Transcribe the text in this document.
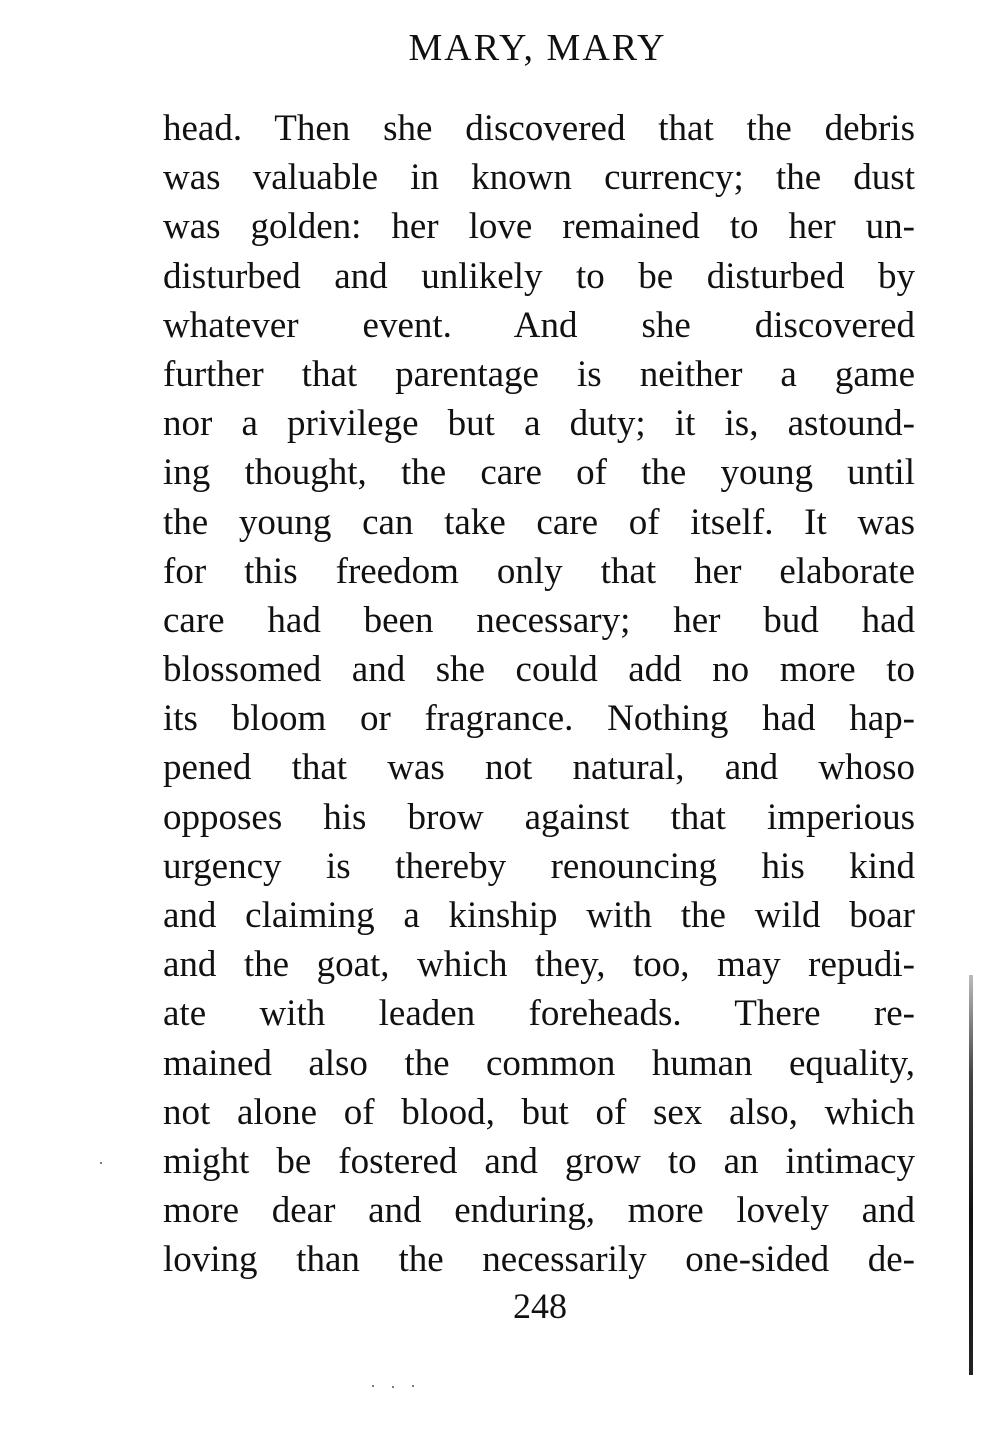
MARY, MARY
head. Then she discovered that the debris
was valuable in known currency; the dust
was golden: her love remained to her un-
disturbed and unlikely to be disturbed by
whatever event. And she discovered
further that parentage is neither a game
nor a privilege but a duty; it is, astound-
ing thought, the care of the young until
the young can take care of itself. It was
for this freedom only that her elaborate
care had been necessary; her bud had
blossomed and she could add no more to
its bloom or fragrance. Nothing had hap-
pened that was not natural, and whoso
opposes his brow against that imperious
urgency is thereby renouncing his kind
and claiming a kinship with the wild boar
and the goat, which they, too, may repudi-
ate with leaden foreheads. There re-
mained also the common human equality,
not alone of blood, but of sex also, which
might be fostered and grow to an intimacy
more dear and enduring, more lovely and
loving than the necessarily one-sided de-
248
